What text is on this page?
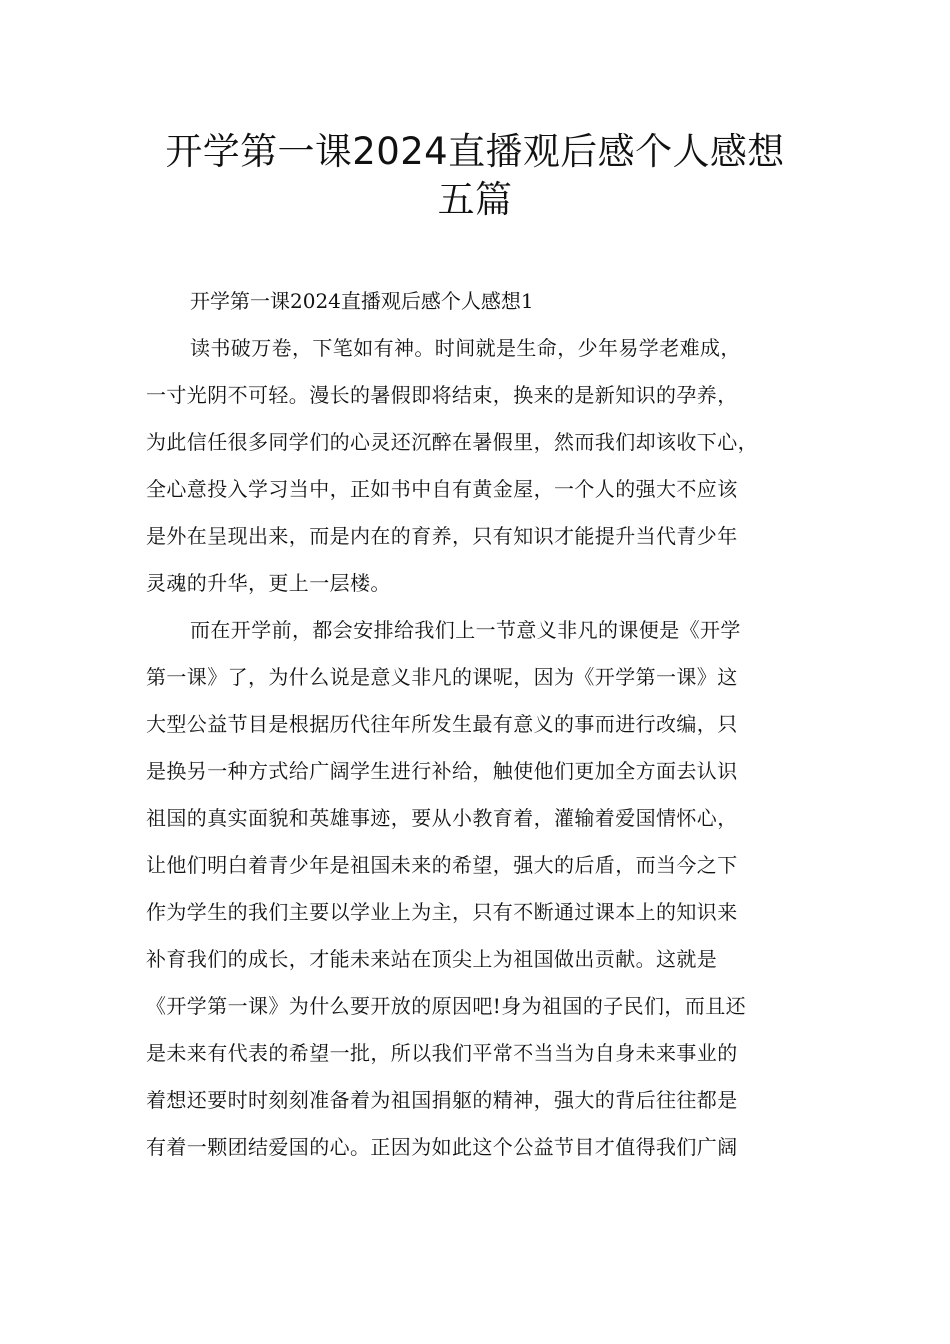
开学第一课2024直播观后感个人感想
五篇

开学第一课2024直播观后感个人感想1

读书破万卷，下笔如有神。时间就是生命，少年易学老难成，
一寸光阴不可轻。漫长的暑假即将结束，换来的是新知识的孕养，
为此信任很多同学们的心灵还沉醉在暑假里，然而我们却该收下心，
全心意投入学习当中，正如书中自有黄金屋，一个人的强大不应该
是外在呈现出来，而是内在的育养，只有知识才能提升当代青少年
灵魂的升华，更上一层楼。

而在开学前，都会安排给我们上一节意义非凡的课便是《开学
第一课》了，为什么说是意义非凡的课呢，因为《开学第一课》这
大型公益节目是根据历代往年所发生最有意义的事而进行改编，只
是换另一种方式给广阔学生进行补给，触使他们更加全方面去认识
祖国的真实面貌和英雄事迹，要从小教育着，灌输着爱国情怀心，
让他们明白着青少年是祖国未来的希望，强大的后盾，而当今之下
作为学生的我们主要以学业上为主，只有不断通过课本上的知识来
补育我们的成长，才能未来站在顶尖上为祖国做出贡献。这就是
《开学第一课》为什么要开放的原因吧!身为祖国的子民们，而且还
是未来有代表的希望一批，所以我们平常不当当为自身未来事业的
着想还要时时刻刻准备着为祖国捐躯的精神，强大的背后往往都是
有着一颗团结爱国的心。正因为如此这个公益节目才值得我们广阔
